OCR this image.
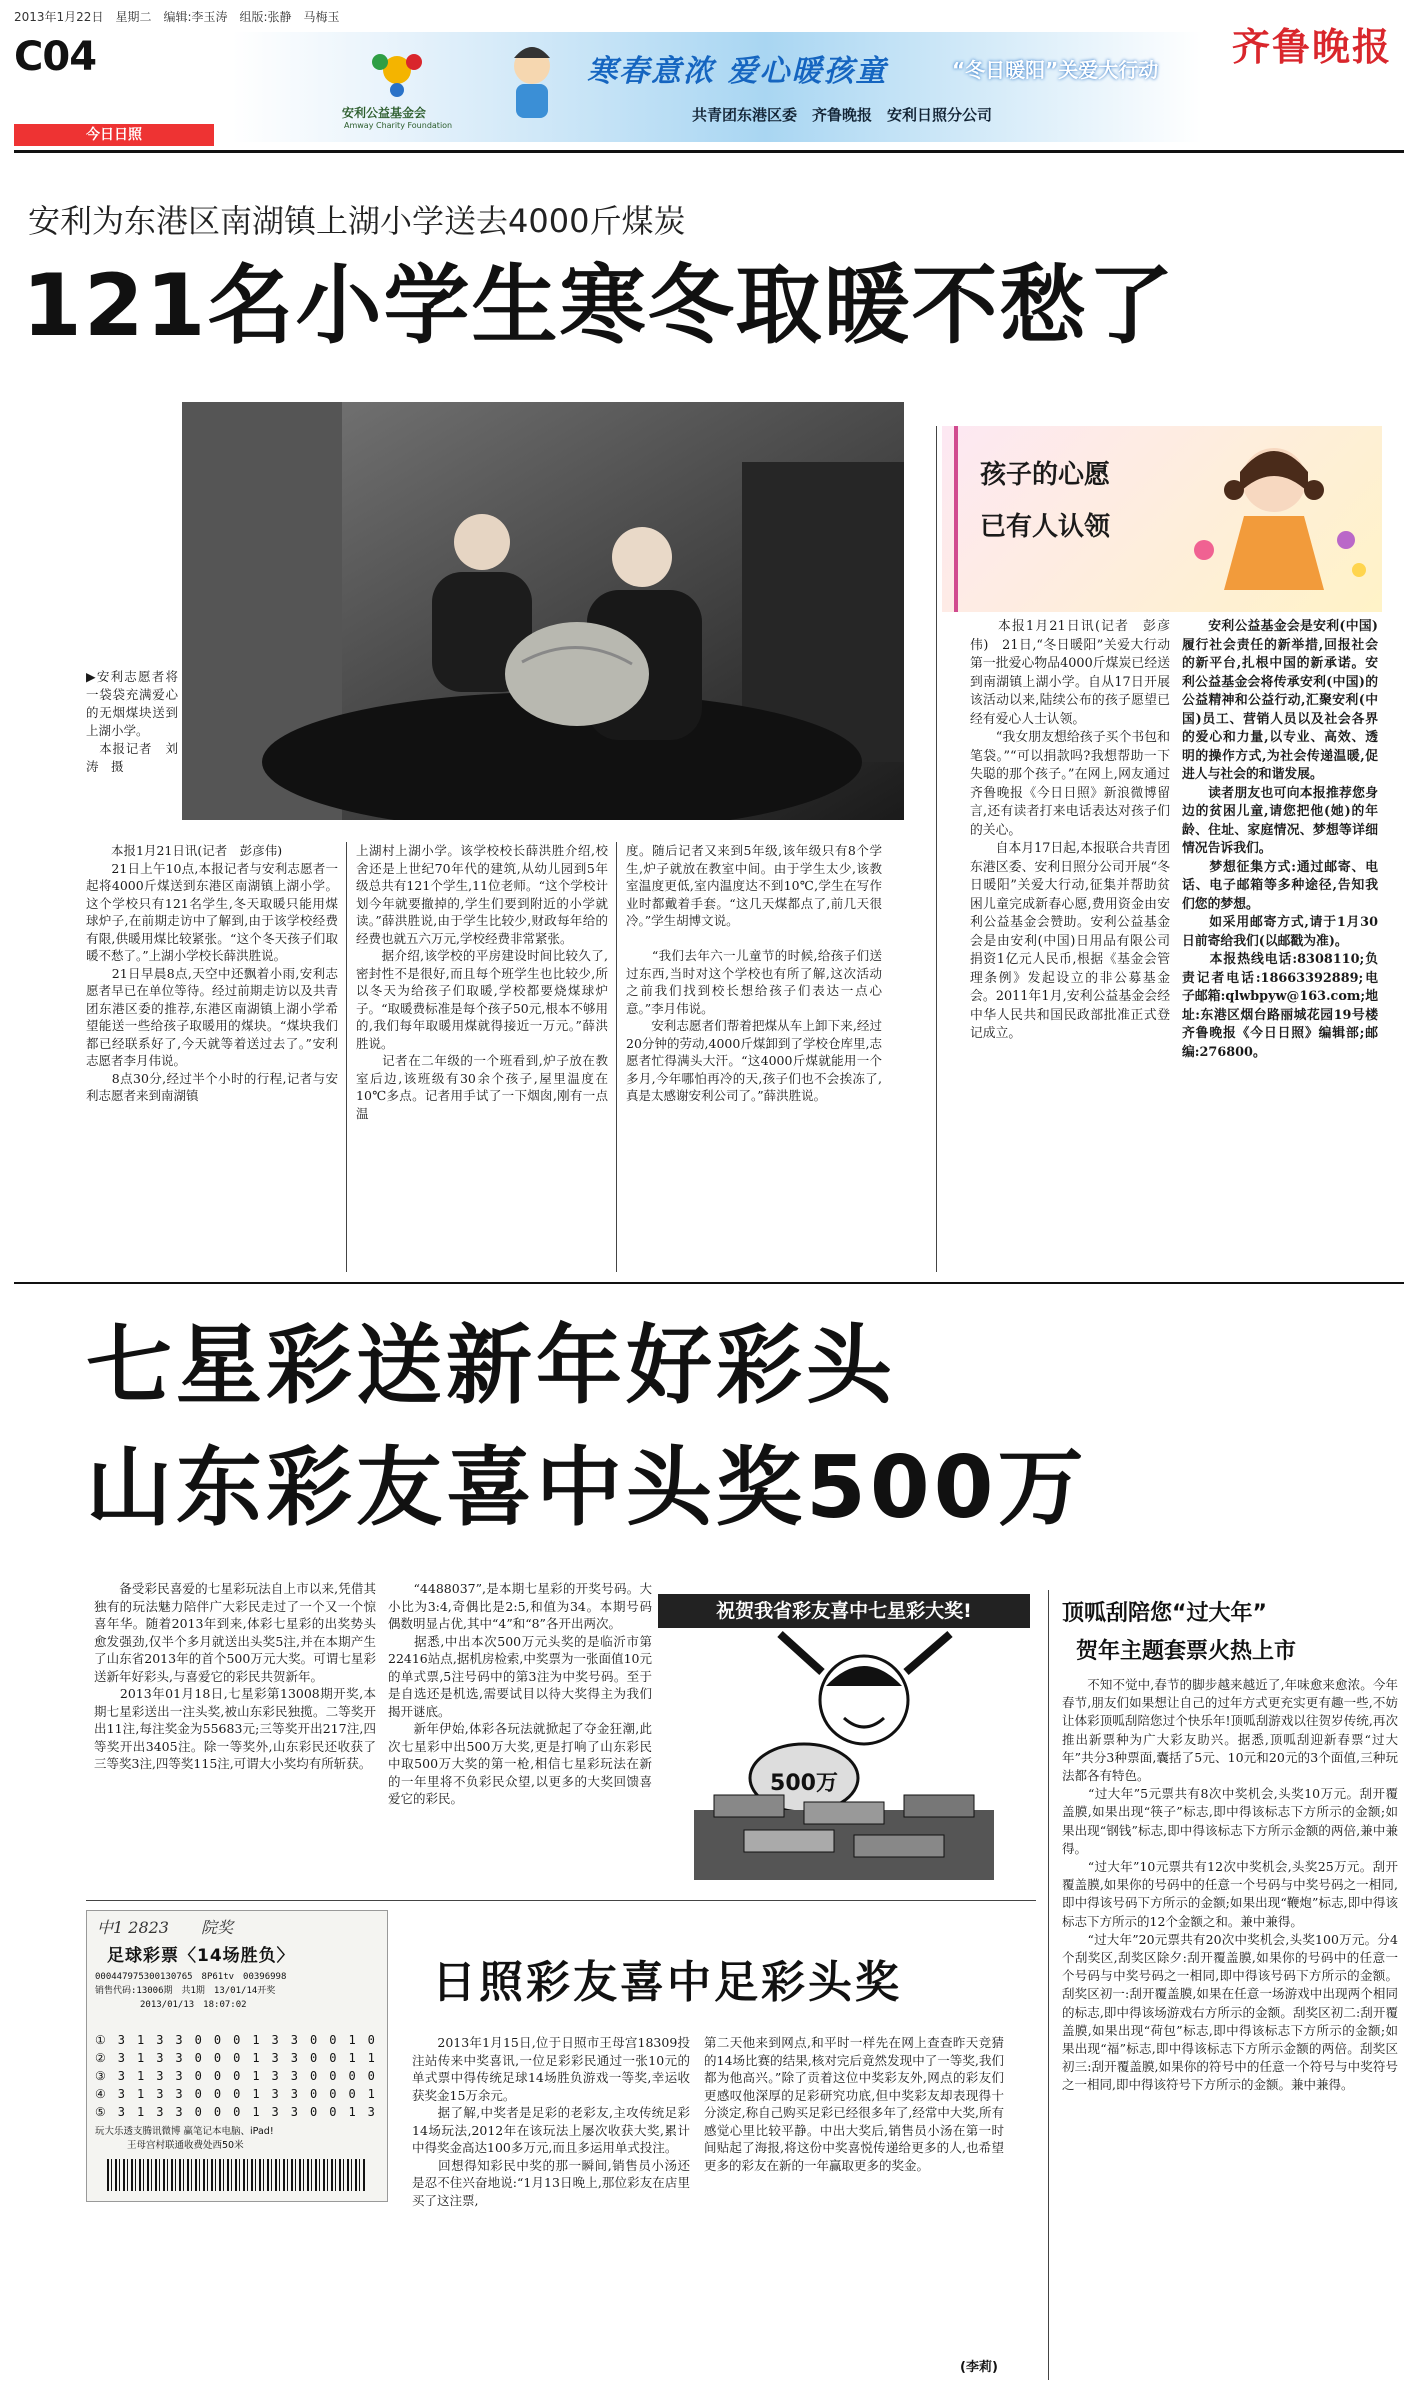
2013年1月22日　星期二　编辑:李玉涛　组版:张静　马梅玉
C04
今日日照
齐鲁晚报
安利公益基金会
Amway Charity Foundation
寒春意浓 爱心暖孩童	“冬日暖阳”关爱大行动
共青团东港区委　齐鲁晚报　安利日照分公司
安利为东港区南湖镇上湖小学送去4000斤煤炭
121名小学生寒冬取暖不愁了
▶安利志愿者将一袋袋充满爱心的无烟煤块送到上湖小学。
　本报记者　刘涛　摄
孩子的心愿
已有人认领
　　本报1月21日讯(记者　彭彦伟)
　　21日上午10点,本报记者与安利志愿者一起将4000斤煤送到东港区南湖镇上湖小学。这个学校只有121名学生,冬天取暖只能用煤球炉子,在前期走访中了解到,由于该学校经费有限,供暖用煤比较紧张。“这个冬天孩子们取暖不愁了。”上湖小学校长薛洪胜说。
　　21日早晨8点,天空中还飘着小雨,安利志愿者早已在单位等待。经过前期走访以及共青团东港区委的推荐,东港区南湖镇上湖小学希望能送一些给孩子取暖用的煤块。“煤块我们都已经联系好了,今天就等着送过去了。”安利志愿者李月伟说。
　　8点30分,经过半个小时的行程,记者与安利志愿者来到南湖镇
上湖村上湖小学。该学校校长薛洪胜介绍,校舍还是上世纪70年代的建筑,从幼儿园到5年级总共有121个学生,11位老师。“这个学校计划今年就要撤掉的,学生们要到附近的小学就读。”薛洪胜说,由于学生比较少,财政每年给的经费也就五六万元,学校经费非常紧张。
　　据介绍,该学校的平房建设时间比较久了,密封性不是很好,而且每个班学生也比较少,所以冬天为给孩子们取暖,学校都要烧煤球炉子。“取暖费标准是每个孩子50元,根本不够用的,我们每年取暖用煤就得接近一万元。”薛洪胜说。
　　记者在二年级的一个班看到,炉子放在教室后边,该班级有30余个孩子,屋里温度在10℃多点。记者用手试了一下烟囱,刚有一点温
度。随后记者又来到5年级,该年级只有8个学生,炉子就放在教室中间。由于学生太少,该教室温度更低,室内温度达不到10℃,学生在写作业时都戴着手套。“这几天煤都点了,前几天很冷。”学生胡博文说。

　　“我们去年六一儿童节的时候,给孩子们送过东西,当时对这个学校也有所了解,这次活动之前我们找到校长想给孩子们表达一点心意。”李月伟说。
　　安利志愿者们帮着把煤从车上卸下来,经过20分钟的劳动,4000斤煤卸到了学校仓库里,志愿者忙得满头大汗。“这4000斤煤就能用一个多月,今年哪怕再冷的天,孩子们也不会挨冻了,真是太感谢安利公司了。”薛洪胜说。
　　本报1月21日讯(记者　彭彦伟)　21日,“冬日暖阳”关爱大行动第一批爱心物品4000斤煤炭已经送到南湖镇上湖小学。自从17日开展该活动以来,陆续公布的孩子愿望已经有爱心人士认领。
　　“我女朋友想给孩子买个书包和笔袋。”“可以捐款吗?我想帮助一下失聪的那个孩子。”在网上,网友通过齐鲁晚报《今日日照》新浪微博留言,还有读者打来电话表达对孩子们的关心。
　　自本月17日起,本报联合共青团东港区委、安利日照分公司开展“冬日暖阳”关爱大行动,征集并帮助贫困儿童完成新春心愿,费用资金由安利公益基金会赞助。安利公益基金会是由安利(中国)日用品有限公司捐资1亿元人民币,根据《基金会管理条例》发起设立的非公募基金会。2011年1月,安利公益基金会经中华人民共和国民政部批准正式登记成立。
　　安利公益基金会是安利(中国)履行社会责任的新举措,回报社会的新平台,扎根中国的新承诺。安利公益基金会将传承安利(中国)的公益精神和公益行动,汇聚安利(中国)员工、营销人员以及社会各界的爱心和力量,以专业、高效、透明的操作方式,为社会传递温暖,促进人与社会的和谐发展。
　　读者朋友也可向本报推荐您身边的贫困儿童,请您把他(她)的年龄、住址、家庭情况、梦想等详细情况告诉我们。
　　梦想征集方式:通过邮寄、电话、电子邮箱等多种途径,告知我们您的梦想。
　　如采用邮寄方式,请于1月30日前寄给我们(以邮戳为准)。
　　本报热线电话:8308110;负责记者电话:18663392889;电子邮箱:qlwbpyw@163.com;地址:东港区烟台路丽城花园19号楼齐鲁晚报《今日日照》编辑部;邮编:276800。
七星彩送新年好彩头
山东彩友喜中头奖500万
　　备受彩民喜爱的七星彩玩法自上市以来,凭借其独有的玩法魅力陪伴广大彩民走过了一个又一个惊喜年华。随着2013年到来,体彩七星彩的出奖势头愈发强劲,仅半个多月就送出头奖5注,并在本期产生了山东省2013年的首个500万元大奖。可谓七星彩送新年好彩头,与喜爱它的彩民共贺新年。
　　2013年01月18日,七星彩第13008期开奖,本期七星彩送出一注头奖,被山东彩民独揽。二等奖开出11注,每注奖金为55683元;三等奖开出217注,四等奖开出3405注。除一等奖外,山东彩民还收获了三等奖3注,四等奖115注,可谓大小奖均有所斩获。
　　“4488037”,是本期七星彩的开奖号码。大小比为3:4,奇偶比是2:5,和值为34。本期号码偶数明显占优,其中“4”和“8”各开出两次。
　　据悉,中出本次500万元头奖的是临沂市第22416站点,据机房检索,中奖票为一张面值10元的单式票,5注号码中的第3注为中奖号码。至于是自选还是机选,需要试目以待大奖得主为我们揭开谜底。
　　新年伊始,体彩各玩法就掀起了夺金狂潮,此次七星彩中出500万大奖,更是打响了山东彩民中取500万大奖的第一枪,相信七星彩玩法在新的一年里将不负彩民众望,以更多的大奖回馈喜爱它的彩民。
祝贺我省彩友喜中七星彩大奖!
500万
顶呱刮陪您“过大年”
贺年主题套票火热上市
　　不知不觉中,春节的脚步越来越近了,年味愈来愈浓。今年春节,朋友们如果想让自己的过年方式更充实更有趣一些,不妨让体彩顶呱刮陪您过个快乐年!顶呱刮游戏以往贺岁传统,再次推出新票种为广大彩友助兴。据悉,顶呱刮迎新春票“过大年”共分3种票面,囊括了5元、10元和20元的3个面值,三种玩法都各有特色。
　　“过大年”5元票共有8次中奖机会,头奖10万元。刮开覆盖膜,如果出现“筷子”标志,即中得该标志下方所示的金额;如果出现“钢钱”标志,即中得该标志下方所示金额的两倍,兼中兼得。
　　“过大年”10元票共有12次中奖机会,头奖25万元。刮开覆盖膜,如果你的号码中的任意一个号码与中奖号码之一相同,即中得该号码下方所示的金额;如果出现“鞭炮”标志,即中得该标志下方所示的12个金额之和。兼中兼得。
　　“过大年”20元票共有20次中奖机会,头奖100万元。分4个刮奖区,刮奖区除夕:刮开覆盖膜,如果你的号码中的任意一个号码与中奖号码之一相同,即中得该号码下方所示的金额。刮奖区初一:刮开覆盖膜,如果在任意一场游戏中出现两个相同的标志,即中得该场游戏右方所示的金额。刮奖区初二:刮开覆盖膜,如果出现“荷包”标志,即中得该标志下方所示的金额;如果出现“福”标志,即中得该标志下方所示金额的两倍。刮奖区初三:刮开覆盖膜,如果你的符号中的任意一个符号与中奖符号之一相同,即中得该符号下方所示的金额。兼中兼得。
中1 2823　　院奖
足球彩票〈14场胜负〉
000447975300130765　8P61tv　00396998
销售代码:13006期　共1期　13/01/14开奖
　　　　　2013/01/13　18:07:02
①　3　1　3　3　0　0　0　1　3　3　0　0　1　0
②　3　1　3　3　0　0　0　1　3　3　0　0　1　1
③　3　1　3　3　0　0　0　1　3　3　0　0　0　0
④　3　1　3　3　0　0　0　1　3　3　0　0　0　1
⑤　3　1　3　3　0　0　0　1　3　3　0　0　1　3
玩大乐透支腾讯微博 赢笔记本电脑、iPad!
王母宫村联通收费处西50米
日照彩友喜中足彩头奖
　　2013年1月15日,位于日照市王母宫18309投注站传来中奖喜讯,一位足彩彩民通过一张10元的单式票中得传统足球14场胜负游戏一等奖,幸运收获奖金15万余元。
　　据了解,中奖者是足彩的老彩友,主攻传统足彩14场玩法,2012年在该玩法上屡次收获大奖,累计中得奖金高达100多万元,而且多运用单式投注。
　　回想得知彩民中奖的那一瞬间,销售员小汤还是忍不住兴奋地说:“1月13日晚上,那位彩友在店里买了这注票,
第二天他来到网点,和平时一样先在网上查查昨天竞猜的14场比赛的结果,核对完后竟然发现中了一等奖,我们都为他高兴。”除了贡着这位中奖彩友外,网点的彩友们更感叹他深厚的足彩研究功底,但中奖彩友却表现得十分淡定,称自己购买足彩已经很多年了,经常中大奖,所有感觉心里比较平静。中出大奖后,销售员小汤在第一时间贴起了海报,将这份中奖喜悦传递给更多的人,也希望更多的彩友在新的一年赢取更多的奖金。
(李莉)
